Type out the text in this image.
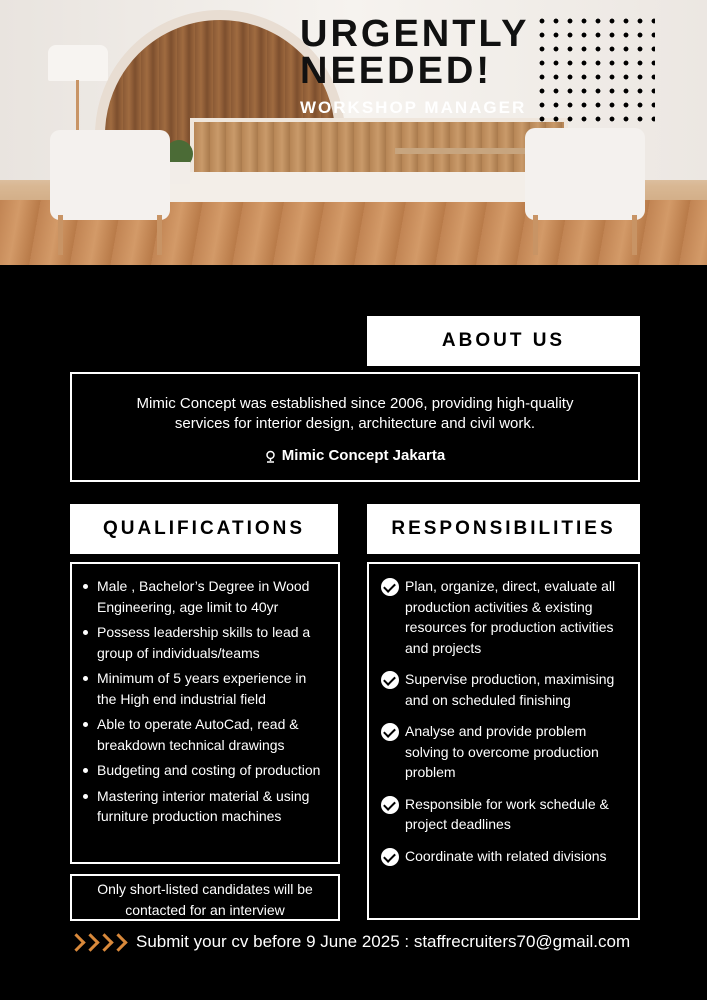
URGENTLY NEEDED!
WORKSHOP MANAGER
ABOUT US
Mimic Concept was established since 2006, providing high-quality services for interior design, architecture and civil work.
Mimic Concept Jakarta
QUALIFICATIONS
Male , Bachelor’s Degree in Wood Engineering, age limit to 40yr
Possess leadership skills to lead a group of individuals/teams
Minimum of 5 years experience in the High end industrial field
Able to operate AutoCad, read & breakdown technical drawings
Budgeting and costing of production
Mastering interior material & using furniture production machines
Only short-listed candidates will be contacted for an interview
RESPONSIBILITIES
Plan, organize, direct, evaluate all production activities & existing resources for production activities and projects
Supervise production, maximising and on scheduled finishing
Analyse and provide problem solving to overcome production problem
Responsible for work schedule & project deadlines
Coordinate with related divisions
Submit your cv before 9 June 2025 : staffrecruiters70@gmail.com
